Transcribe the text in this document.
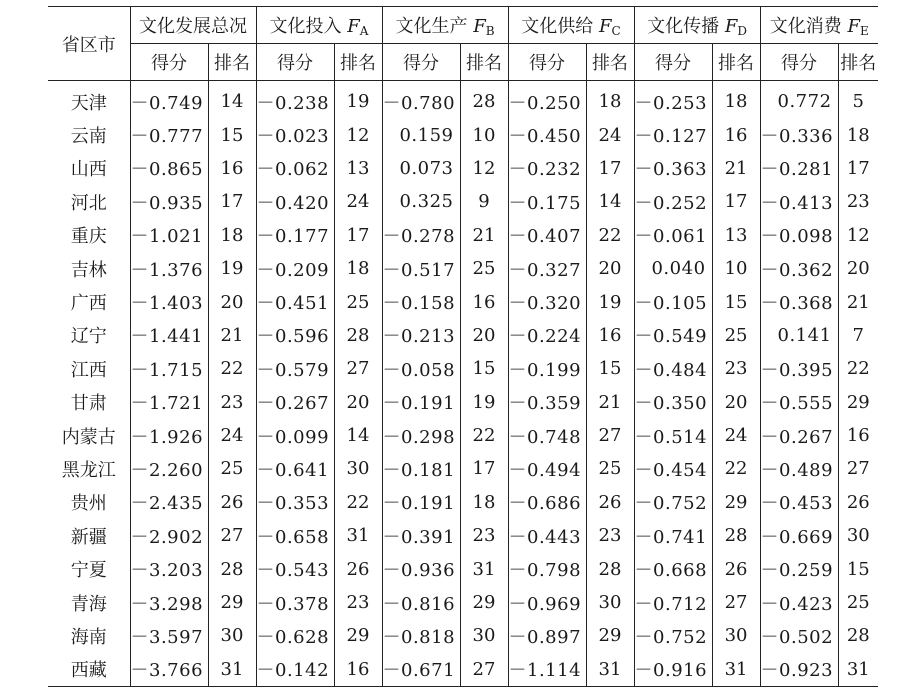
省区市	文化发展总况		文化投入 $F_A$		文化生产 $F_B$		文化供给 $F_C$		文化传播 $F_D$		文化消费 $F_E$
	得分	排名	得分	排名	得分	排名	得分	排名	得分	排名	得分	排名
天津	－0.749	14	－0.238	19	－0.780	28	－0.250	18	－0.253	18	0.772	5
云南	－0.777	15	－0.023	12	0.159	10	－0.450	24	－0.127	16	－0.336	18
山西	－0.865	16	－0.062	13	0.073	12	－0.232	17	－0.363	21	－0.281	17
河北	－0.935	17	－0.420	24	0.325	9	－0.175	14	－0.252	17	－0.413	23
重庆	－1.021	18	－0.177	17	－0.278	21	－0.407	22	－0.061	13	－0.098	12
吉林	－1.376	19	－0.209	18	－0.517	25	－0.327	20	0.040	10	－0.362	20
广西	－1.403	20	－0.451	25	－0.158	16	－0.320	19	－0.105	15	－0.368	21
辽宁	－1.441	21	－0.596	28	－0.213	20	－0.224	16	－0.549	25	0.141	7
江西	－1.715	22	－0.579	27	－0.058	15	－0.199	15	－0.484	23	－0.395	22
甘肃	－1.721	23	－0.267	20	－0.191	19	－0.359	21	－0.350	20	－0.555	29
内蒙古	－1.926	24	－0.099	14	－0.298	22	－0.748	27	－0.514	24	－0.267	16
黑龙江	－2.260	25	－0.641	30	－0.181	17	－0.494	25	－0.454	22	－0.489	27
贵州	－2.435	26	－0.353	22	－0.191	18	－0.686	26	－0.752	29	－0.453	26
新疆	－2.902	27	－0.658	31	－0.391	23	－0.443	23	－0.741	28	－0.669	30
宁夏	－3.203	28	－0.543	26	－0.936	31	－0.798	28	－0.668	26	－0.259	15
青海	－3.298	29	－0.378	23	－0.816	29	－0.969	30	－0.712	27	－0.423	25
海南	－3.597	30	－0.628	29	－0.818	30	－0.897	29	－0.752	30	－0.502	28
西藏	－3.766	31	－0.142	16	－0.671	27	－1.114	31	－0.916	31	－0.923	31
